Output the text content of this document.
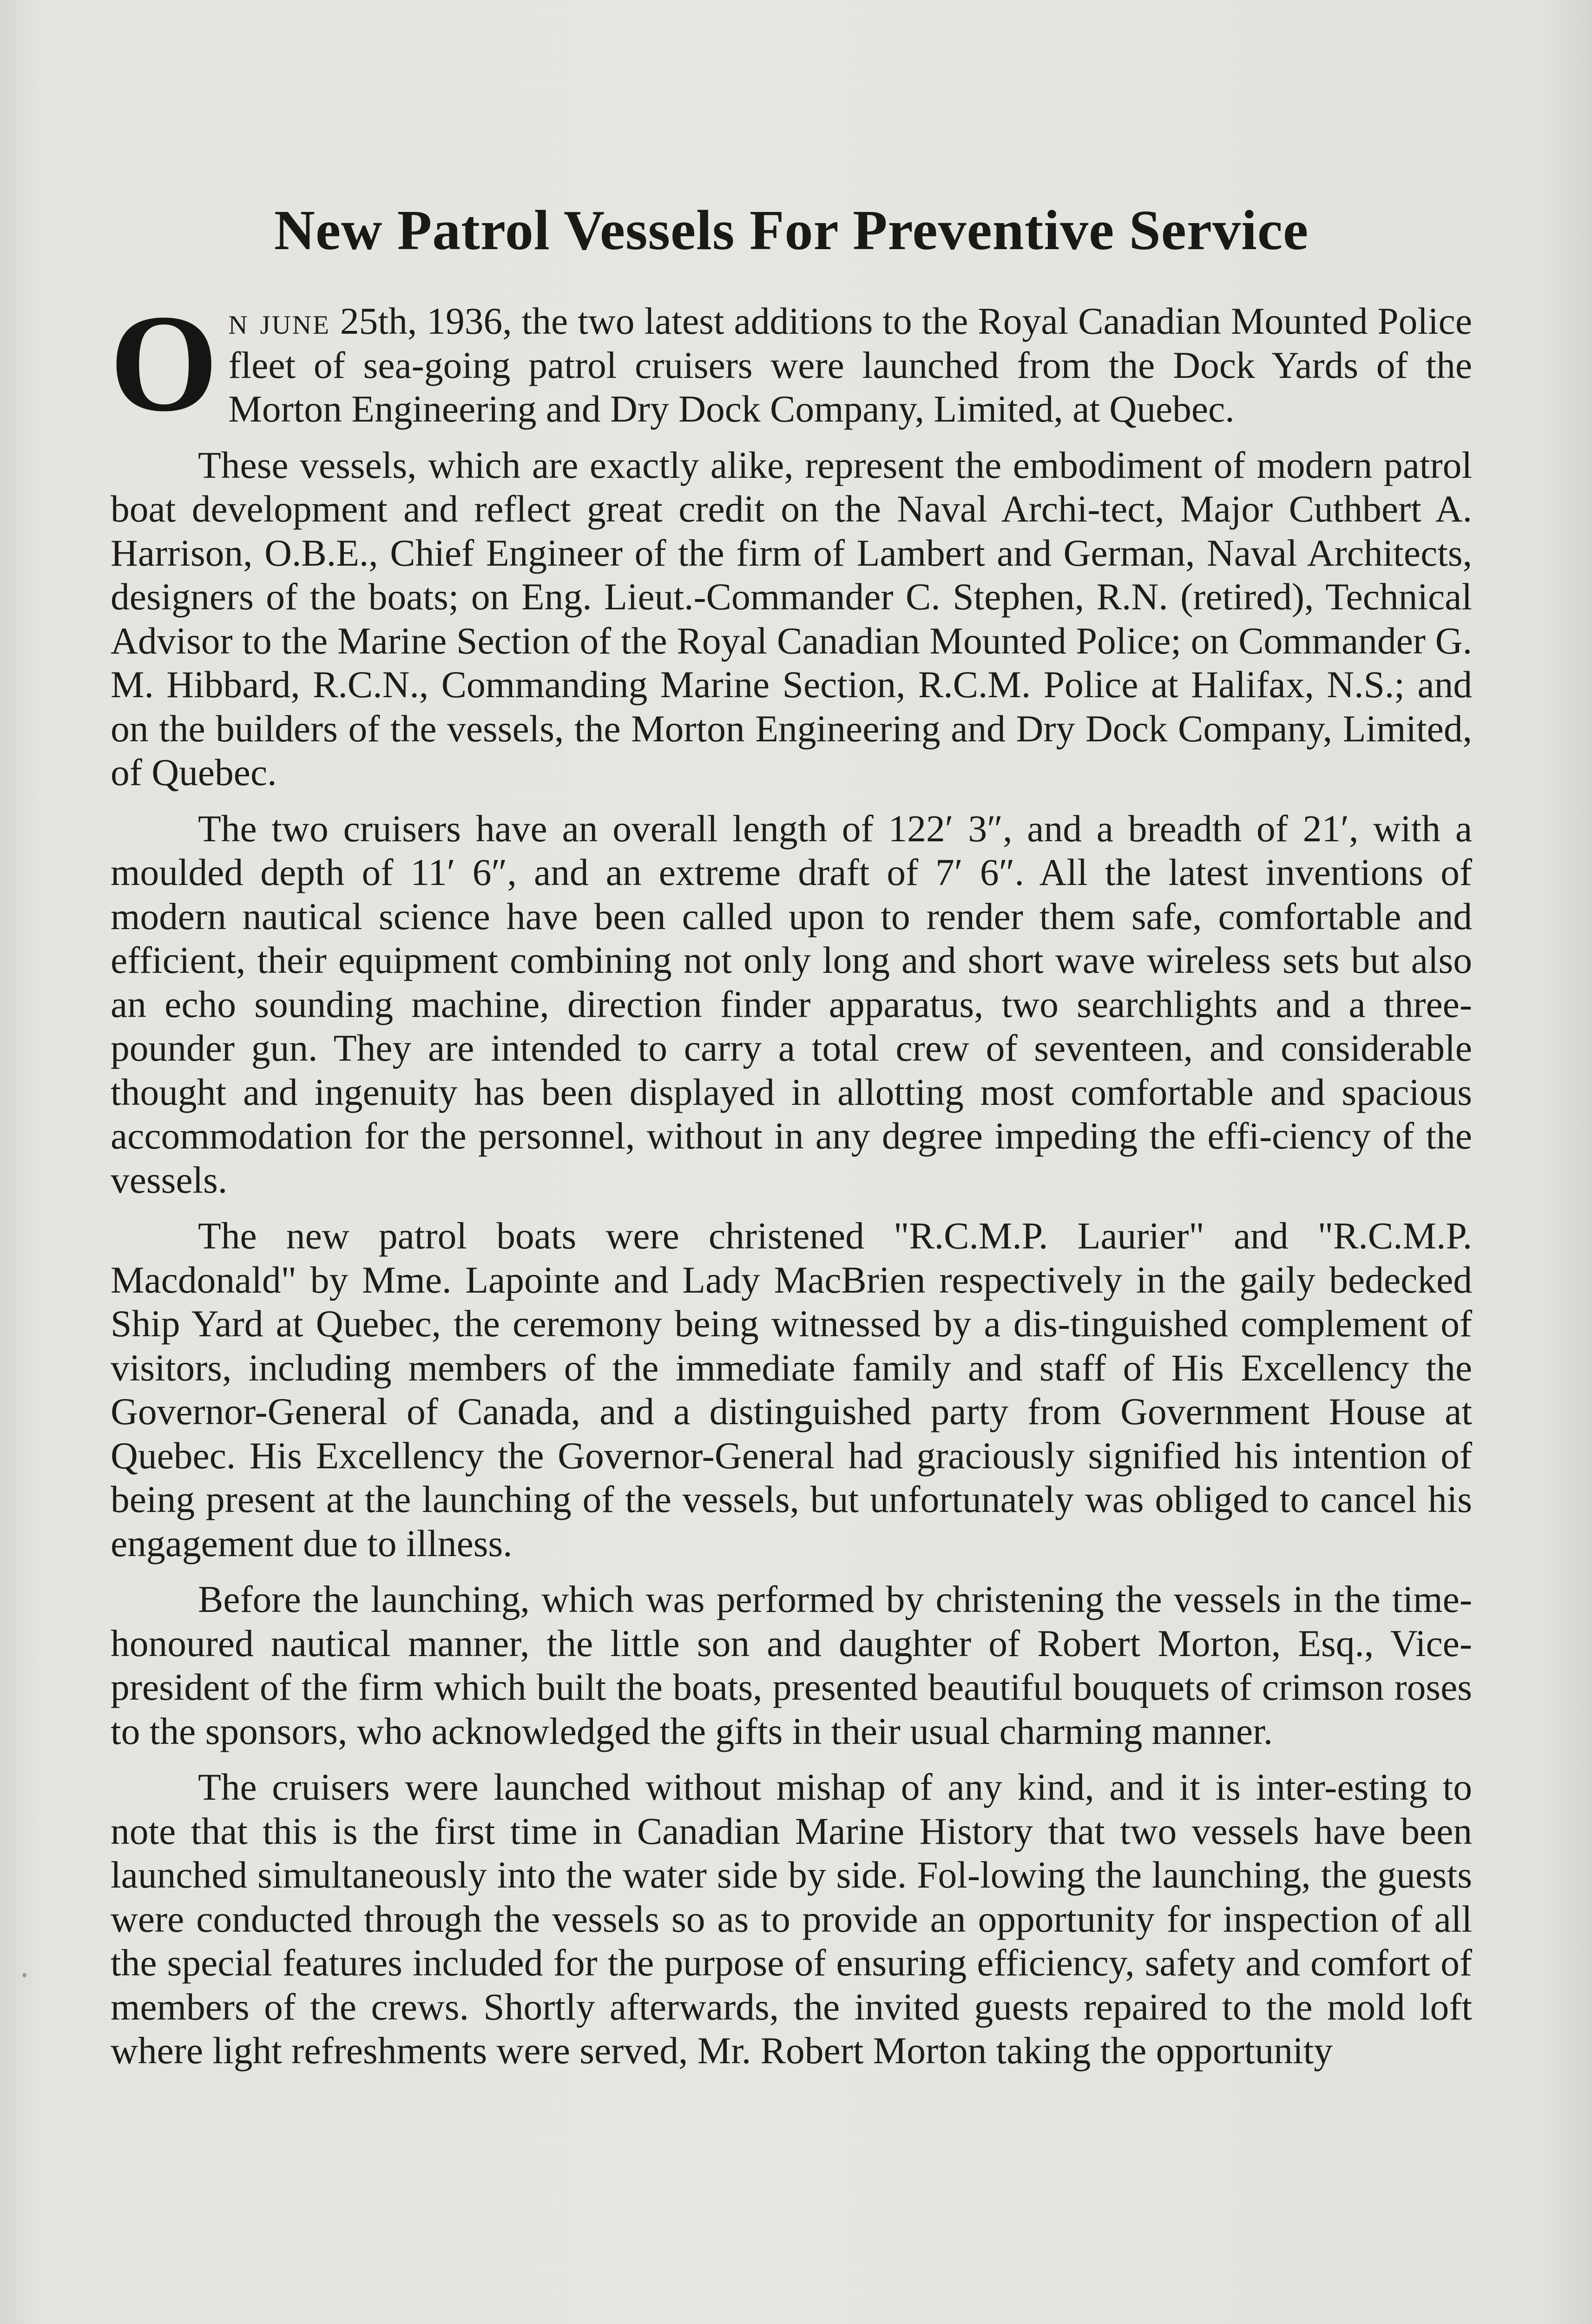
New Patrol Vessels For Preventive Service

On june 25th, 1936, the two latest additions to the Royal Canadian Mounted Police fleet of sea-going patrol cruisers were launched from the Dock Yards of the Morton Engineering and Dry Dock Company, Limited, at Quebec.

These vessels, which are exactly alike, represent the embodiment of modern patrol boat development and reflect great credit on the Naval Archi-tect, Major Cuthbert A. Harrison, O.B.E., Chief Engineer of the firm of Lambert and German, Naval Architects, designers of the boats; on Eng. Lieut.-Commander C. Stephen, R.N. (retired), Technical Advisor to the Marine Section of the Royal Canadian Mounted Police; on Commander G. M. Hibbard, R.C.N., Commanding Marine Section, R.C.M. Police at Halifax, N.S.; and on the builders of the vessels, the Morton Engineering and Dry Dock Company, Limited, of Quebec.

The two cruisers have an overall length of 122′ 3″, and a breadth of 21′, with a moulded depth of 11′ 6″, and an extreme draft of 7′ 6″. All the latest inventions of modern nautical science have been called upon to render them safe, comfortable and efficient, their equipment combining not only long and short wave wireless sets but also an echo sounding machine, direction finder apparatus, two searchlights and a three-pounder gun. They are intended to carry a total crew of seventeen, and considerable thought and ingenuity has been displayed in allotting most comfortable and spacious accommodation for the personnel, without in any degree impeding the effi-ciency of the vessels.

The new patrol boats were christened "R.C.M.P. Laurier" and "R.C.M.P. Macdonald" by Mme. Lapointe and Lady MacBrien respectively in the gaily bedecked Ship Yard at Quebec, the ceremony being witnessed by a dis-tinguished complement of visitors, including members of the immediate family and staff of His Excellency the Governor-General of Canada, and a distinguished party from Government House at Quebec. His Excellency the Governor-General had graciously signified his intention of being present at the launching of the vessels, but unfortunately was obliged to cancel his engagement due to illness.

Before the launching, which was performed by christening the vessels in the time-honoured nautical manner, the little son and daughter of Robert Morton, Esq., Vice-president of the firm which built the boats, presented beautiful bouquets of crimson roses to the sponsors, who acknowledged the gifts in their usual charming manner.

The cruisers were launched without mishap of any kind, and it is inter-esting to note that this is the first time in Canadian Marine History that two vessels have been launched simultaneously into the water side by side. Fol-lowing the launching, the guests were conducted through the vessels so as to provide an opportunity for inspection of all the special features included for the purpose of ensuring efficiency, safety and comfort of members of the crews. Shortly afterwards, the invited guests repaired to the mold loft where light refreshments were served, Mr. Robert Morton taking the opportunity
